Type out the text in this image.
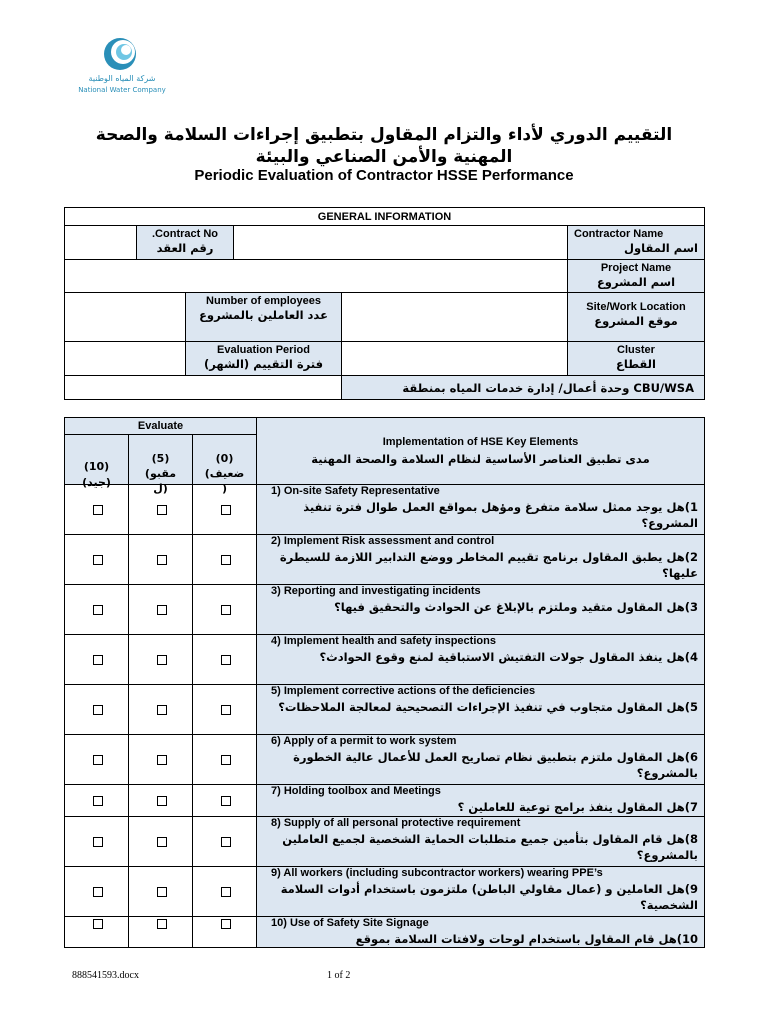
شركة المياه الوطنية
National Water Company
التقييم الدوري لأداء والتزام المقاول بتطبيق إجراءات السلامة والصحة
المهنية والأمن الصناعي والبيئة
Periodic Evaluation of Contractor HSSE Performance
GENERAL INFORMATION
.Contract No
رقم العقد
Contractor Name
اسم المقاول
Project Name
اسم المشروع
Number of employees
عدد العاملين بالمشروع
Site/Work Location
موقع المشروع
Evaluation Period
فترة التقييم (الشهر)
Cluster
القطاع
وحدة أعمال/ إدارة خدمات المياه بمنطقة CBU/WSA
Evaluate

(10)
(جيد)

(5)
(مقبو
ل)

(0)
(ضعيف
)

Implementation of HSE Key Elements
مدى تطبيق العناصر الأساسية لنظام السلامة والصحة المهنية
1) On-site Safety Representative
1)هل يوجد ممثل سلامة متفرغ ومؤهل بمواقع العمل طوال فترة تنفيذ المشروع؟
2) Implement Risk assessment and control
2)هل يطبق المقاول برنامج تقييم المخاطر ووضع التدابير اللازمة للسيطرة عليها؟
3) Reporting and investigating incidents
3)هل المقاول متقيد وملتزم بالإبلاغ عن الحوادث والتحقيق فيها؟
4) Implement health and safety inspections
4)هل ينفذ المقاول جولات التفتيش الاستباقية لمنع وقوع الحوادث؟
5) Implement corrective actions of the deficiencies
5)هل المقاول متجاوب في تنفيذ الإجراءات التصحيحية لمعالجة الملاحظات؟
6) Apply of a permit to work system
6)هل المقاول ملتزم بتطبيق نظام تصاريح العمل للأعمال عالية الخطورة بالمشروع؟
7) Holding toolbox and Meetings
7)هل المقاول ينفذ برامج توعية للعاملين ؟
8) Supply of all personal protective requirement
8)هل قام المقاول بتأمين جميع متطلبات الحماية الشخصية لجميع العاملين بالمشروع؟
9) All workers (including subcontractor workers) wearing PPE’s
9)هل العاملين و (عمال مقاولي الباطن) ملتزمون باستخدام أدوات السلامة الشخصية؟
10) Use of Safety Site Signage
10)هل قام المقاول باستخدام لوحات ولافتات السلامة بموقع
888541593.docx	1 of 2
